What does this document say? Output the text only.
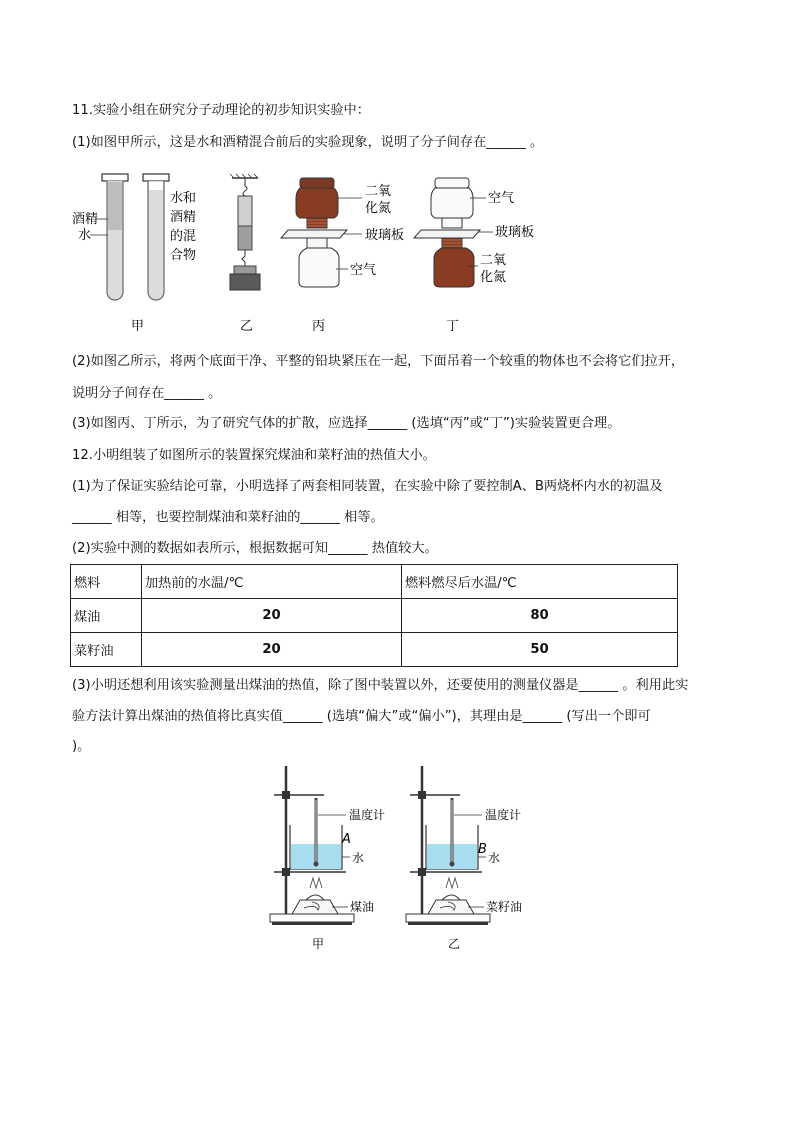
11.实验小组在研究分子动理论的初步知识实验中：
(1)如图甲所示，这是水和酒精混合前后的实验现象，说明了分子间存在______ 。
酒精
水
水和
酒精
的混
合物
二氧
化氮
玻璃板
空气
空气
玻璃板
二氧
化氮
甲	乙	丙	丁
(2)如图乙所示，将两个底面干净、平整的铅块紧压在一起，下面吊着一个较重的物体也不会将它们拉开，
说明分子间存在______ 。
(3)如图丙、丁所示，为了研究气体的扩散，应选择______ (选填“丙”或“丁”)实验装置更合理。
12.小明组装了如图所示的装置探究煤油和菜籽油的热值大小。
(1)为了保证实验结论可靠，小明选择了两套相同装置，在实验中除了要控制A、B两烧杯内水的初温及
______ 相等，也要控制煤油和菜籽油的______ 相等。
(2)实验中测的数据如表所示，根据数据可知______ 热值较大。
燃料	加热前的水温/℃	燃料燃尽后水温/℃
煤油	20	80
菜籽油	20	50
(3)小明还想利用该实验测量出煤油的热值，除了图中装置以外，还要使用的测量仪器是______ 。利用此实
验方法计算出煤油的热值将比真实值______ (选填“偏大”或“偏小”)，其理由是______ (写出一个即可
)。
温度计
A
水
煤油
甲
温度计
B
水
菜籽油
乙
